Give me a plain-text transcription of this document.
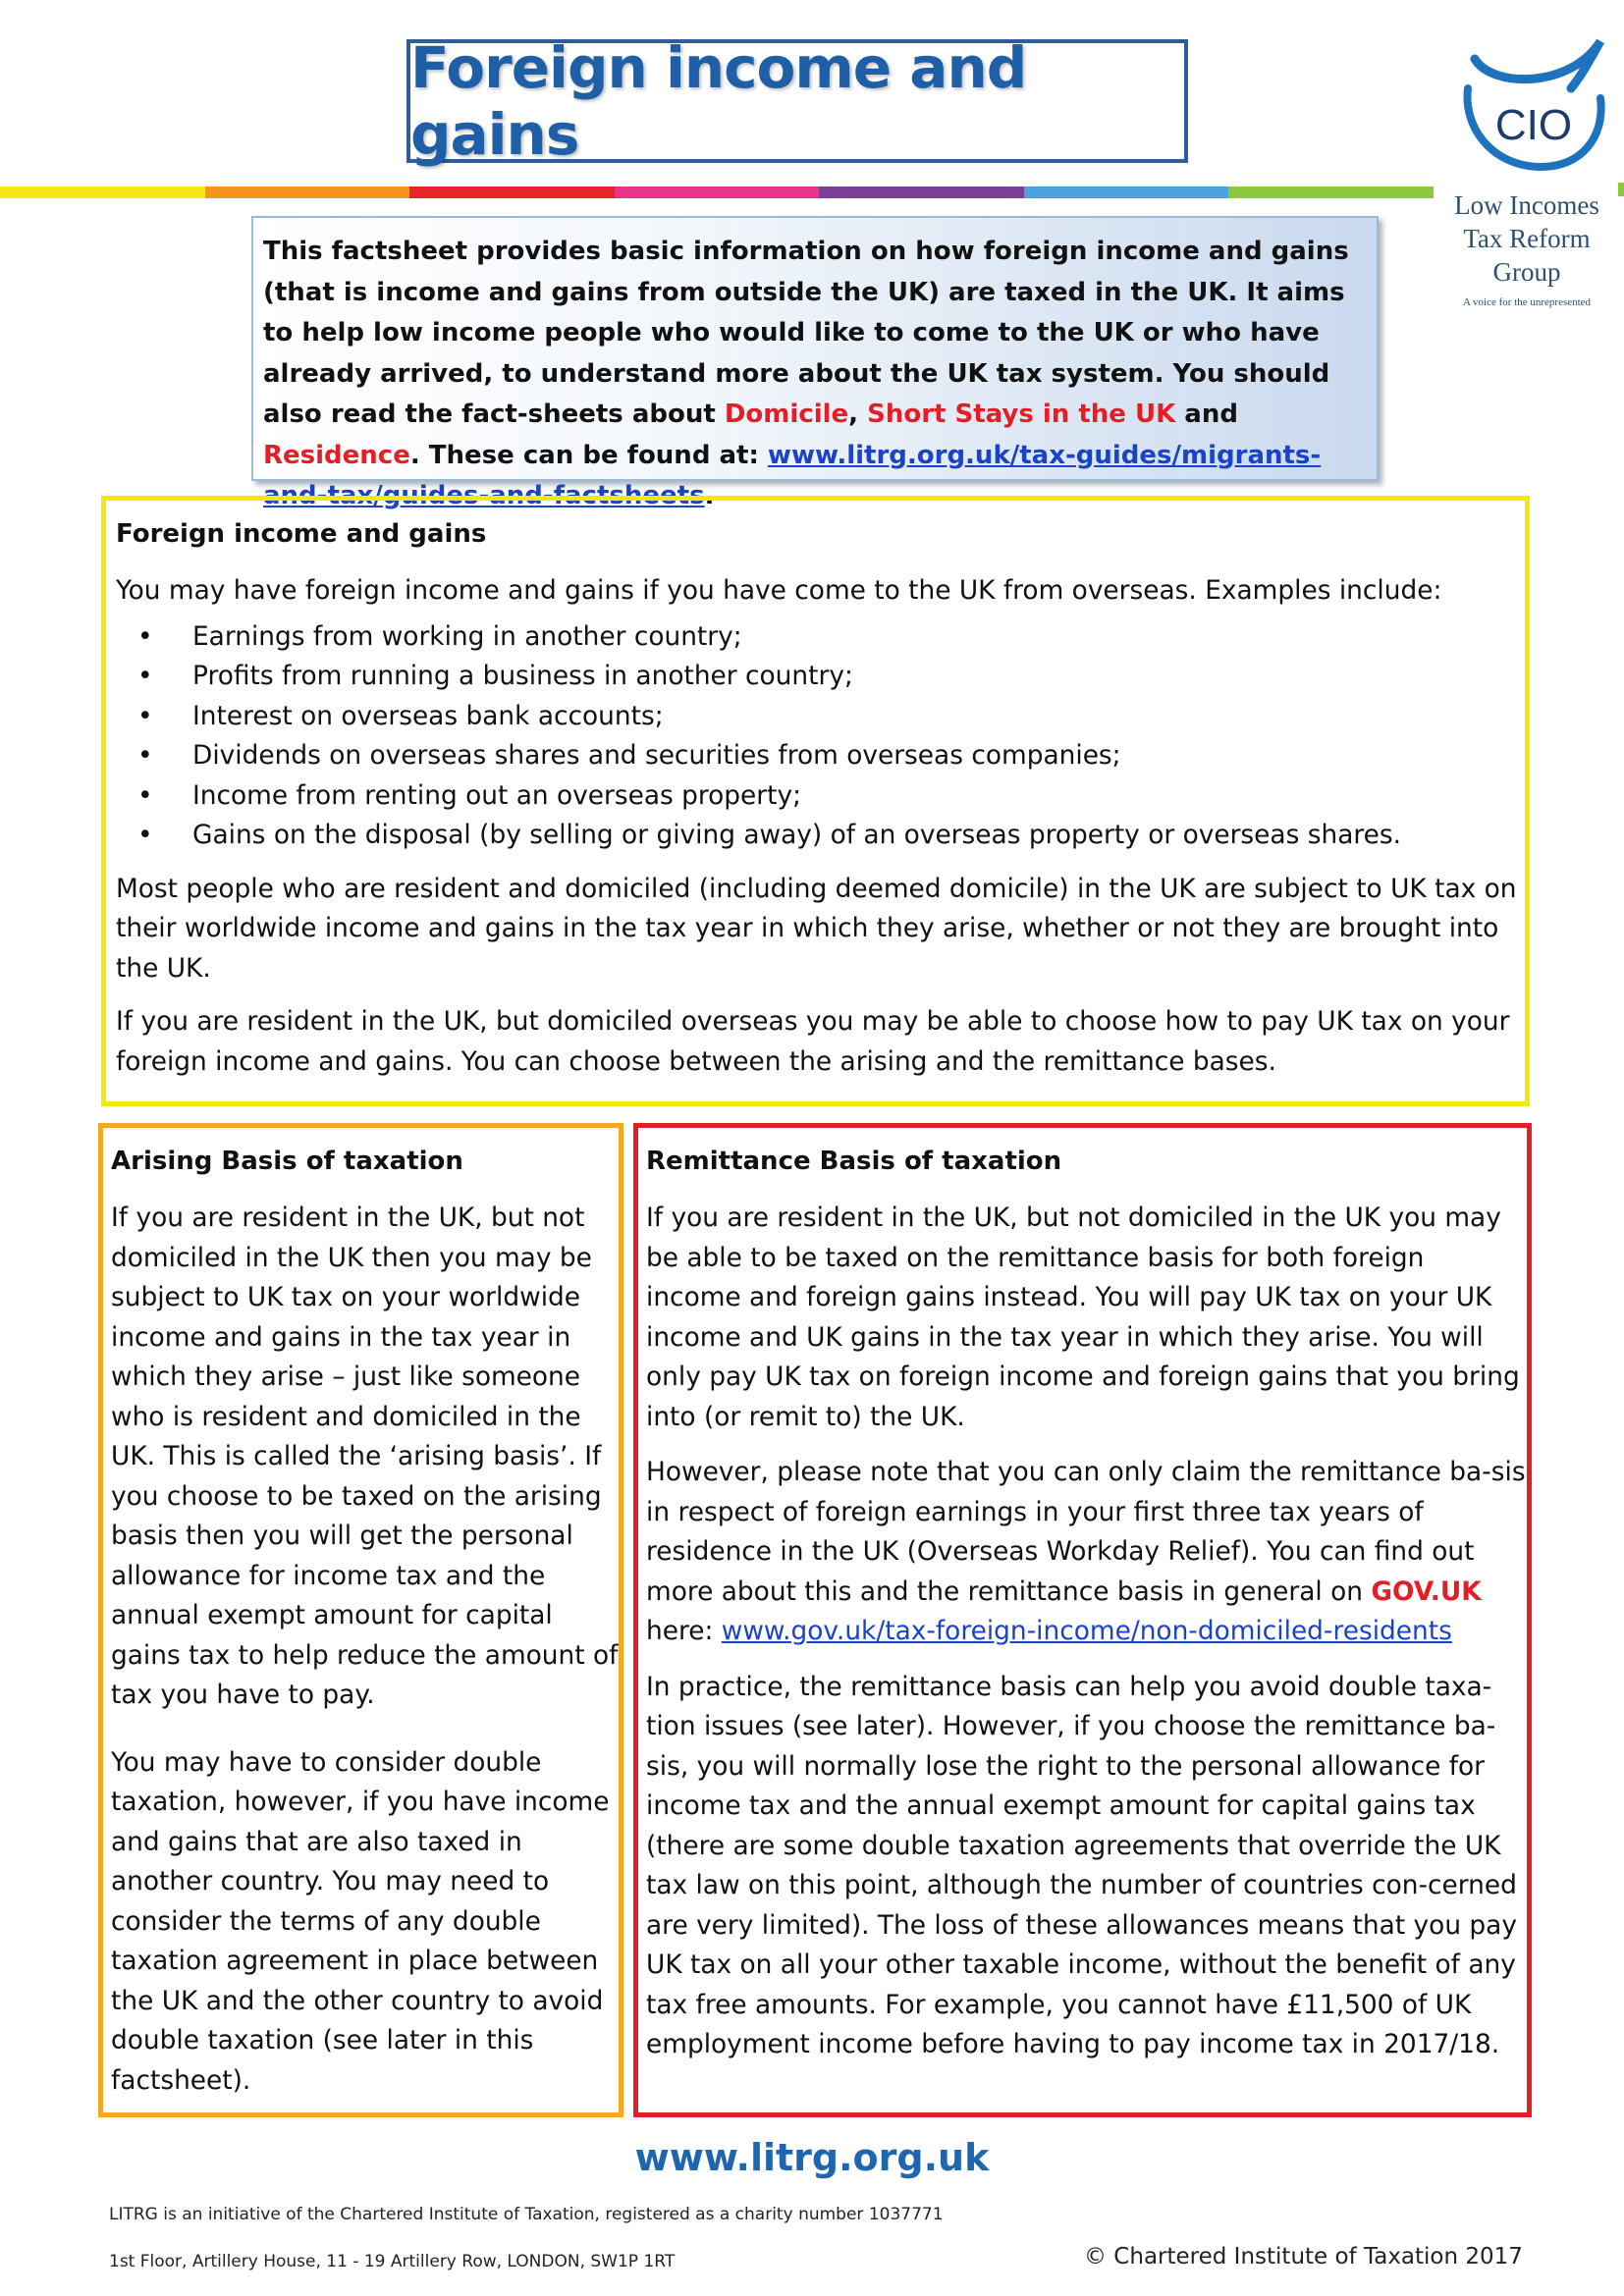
Foreign income and gains	CIO
Low Incomes
Tax Reform
Group
A voice for the unrepresented
This factsheet provides basic information on how foreign income and gains (that is income and gains from outside the UK) are taxed in the UK. It aims to help low income people who would like to come to the UK or who have already arrived, to understand more about the UK tax system. You should also read the fact-sheets about Domicile, Short Stays in the UK and Residence. These can be found at: www.litrg.org.uk/tax-guides/migrants-and-tax/guides-and-factsheets.

Foreign income and gains

You may have foreign income and gains if you have come to the UK from overseas. Examples include:

• Earnings from working in another country;
• Profits from running a business in another country;
• Interest on overseas bank accounts;
• Dividends on overseas shares and securities from overseas companies;
• Income from renting out an overseas property;
• Gains on the disposal (by selling or giving away) of an overseas property or overseas shares.

Most people who are resident and domiciled (including deemed domicile) in the UK are subject to UK tax on their worldwide income and gains in the tax year in which they arise, whether or not they are brought into the UK.

If you are resident in the UK, but domiciled overseas you may be able to choose how to pay UK tax on your foreign income and gains. You can choose between the arising and the remittance bases.

Arising Basis of taxation

If you are resident in the UK, but not domiciled in the UK then you may be subject to UK tax on your worldwide income and gains in the tax year in which they arise – just like someone who is resident and domiciled in the UK. This is called the ‘arising basis’. If you choose to be taxed on the arising basis then you will get the personal allowance for income tax and the annual exempt amount for capital gains tax to help reduce the amount of tax you have to pay.

You may have to consider double taxation, however, if you have income and gains that are also taxed in another country. You may need to consider the terms of any double taxation agreement in place between the UK and the other country to avoid double taxation (see later in this factsheet).

Remittance Basis of taxation

If you are resident in the UK, but not domiciled in the UK you may be able to be taxed on the remittance basis for both foreign income and foreign gains instead. You will pay UK tax on your UK income and UK gains in the tax year in which they arise. You will only pay UK tax on foreign income and foreign gains that you bring into (or remit to) the UK.

However, please note that you can only claim the remittance ba-sis in respect of foreign earnings in your first three tax years of residence in the UK (Overseas Workday Relief). You can find out more about this and the remittance basis in general on GOV.UK here: www.gov.uk/tax-foreign-income/non-domiciled-residents

In practice, the remittance basis can help you avoid double taxa-tion issues (see later). However, if you choose the remittance ba-sis, you will normally lose the right to the personal allowance for income tax and the annual exempt amount for capital gains tax (there are some double taxation agreements that override the UK tax law on this point, although the number of countries con-cerned are very limited). The loss of these allowances means that you pay UK tax on all your other taxable income, without the benefit of any tax free amounts. For example, you cannot have £11,500 of UK employment income before having to pay income tax in 2017/18.

www.litrg.org.uk
LITRG is an initiative of the Chartered Institute of Taxation, registered as a charity number 1037771
1st Floor, Artillery House, 11 - 19 Artillery Row, LONDON, SW1P 1RT	© Chartered Institute of Taxation 2017
